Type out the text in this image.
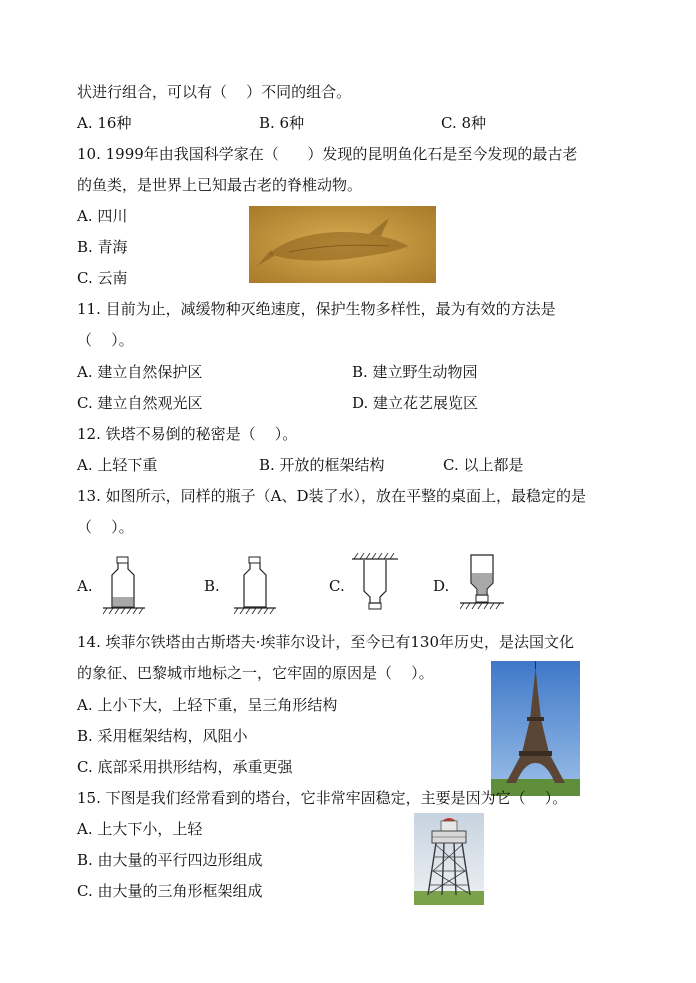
状进行组合，可以有（    ）不同的组合。
A. 16种	B. 6种	C. 8种
10. 1999年由我国科学家在（      ）发现的昆明鱼化石是至今发现的最古老
的鱼类，是世界上已知最古老的脊椎动物。
A. 四川
B. 青海
C. 云南
11. 目前为止，减缓物种灭绝速度，保护生物多样性，最为有效的方法是
（    ）。
A. 建立自然保护区	B. 建立野生动物园
C. 建立自然观光区	D. 建立花艺展览区
12. 铁塔不易倒的秘密是（    ）。
A. 上轻下重	B. 开放的框架结构	C. 以上都是
13. 如图所示，同样的瓶子（A、D装了水），放在平整的桌面上，最稳定的是
（    ）。
A.	B.	C.	D.
14. 埃菲尔铁塔由古斯塔夫·埃菲尔设计，至今已有130年历史，是法国文化
的象征、巴黎城市地标之一，它牢固的原因是（    ）。
A. 上小下大，上轻下重，呈三角形结构
B. 采用框架结构，风阻小
C. 底部采用拱形结构，承重更强
15. 下图是我们经常看到的塔台，它非常牢固稳定，主要是因为它（    ）。
A. 上大下小，上轻
B. 由大量的平行四边形组成
C. 由大量的三角形框架组成
